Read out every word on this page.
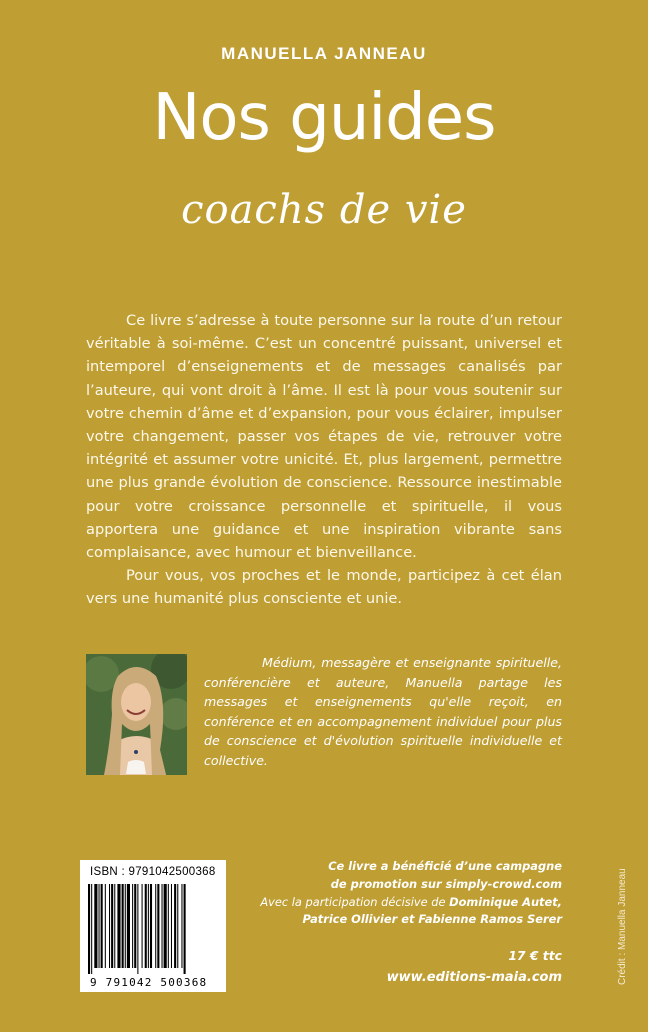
MANUELLA JANNEAU
Nos guides
coachs de vie

Ce livre s’adresse à toute personne sur la route d’un retour véritable à soi-même. C’est un concentré puissant, universel et intemporel d’enseignements et de messages canalisés par l’auteure, qui vont droit à l’âme. Il est là pour vous soutenir sur votre chemin d’âme et d’expansion, pour vous éclairer, impulser votre changement, passer vos étapes de vie, retrouver votre intégrité et assumer votre unicité. Et, plus largement, permettre une plus grande évolution de conscience. Ressource inestimable pour votre croissance personnelle et spirituelle, il vous apportera une guidance et une inspiration vibrante sans complaisance, avec humour et bienveillance.

Pour vous, vos proches et le monde, participez à cet élan vers une humanité plus consciente et unie.

Médium, messagère et enseignante spirituelle, conférencière et auteure, Manuella partage les messages et enseignements qu'elle reçoit, en conférence et en accompagnement individuel pour plus de conscience et d'évolution spirituelle individuelle et collective.
ISBN : 9791042500368
9 791042 500368
Ce livre a bénéficié d’une campagne
de promotion sur simply-crowd.com
Avec la participation décisive de Dominique Autet,
Patrice Ollivier et Fabienne Ramos Serer
17 € ttc
www.editions-maia.com	Crédit : Manuella Janneau
